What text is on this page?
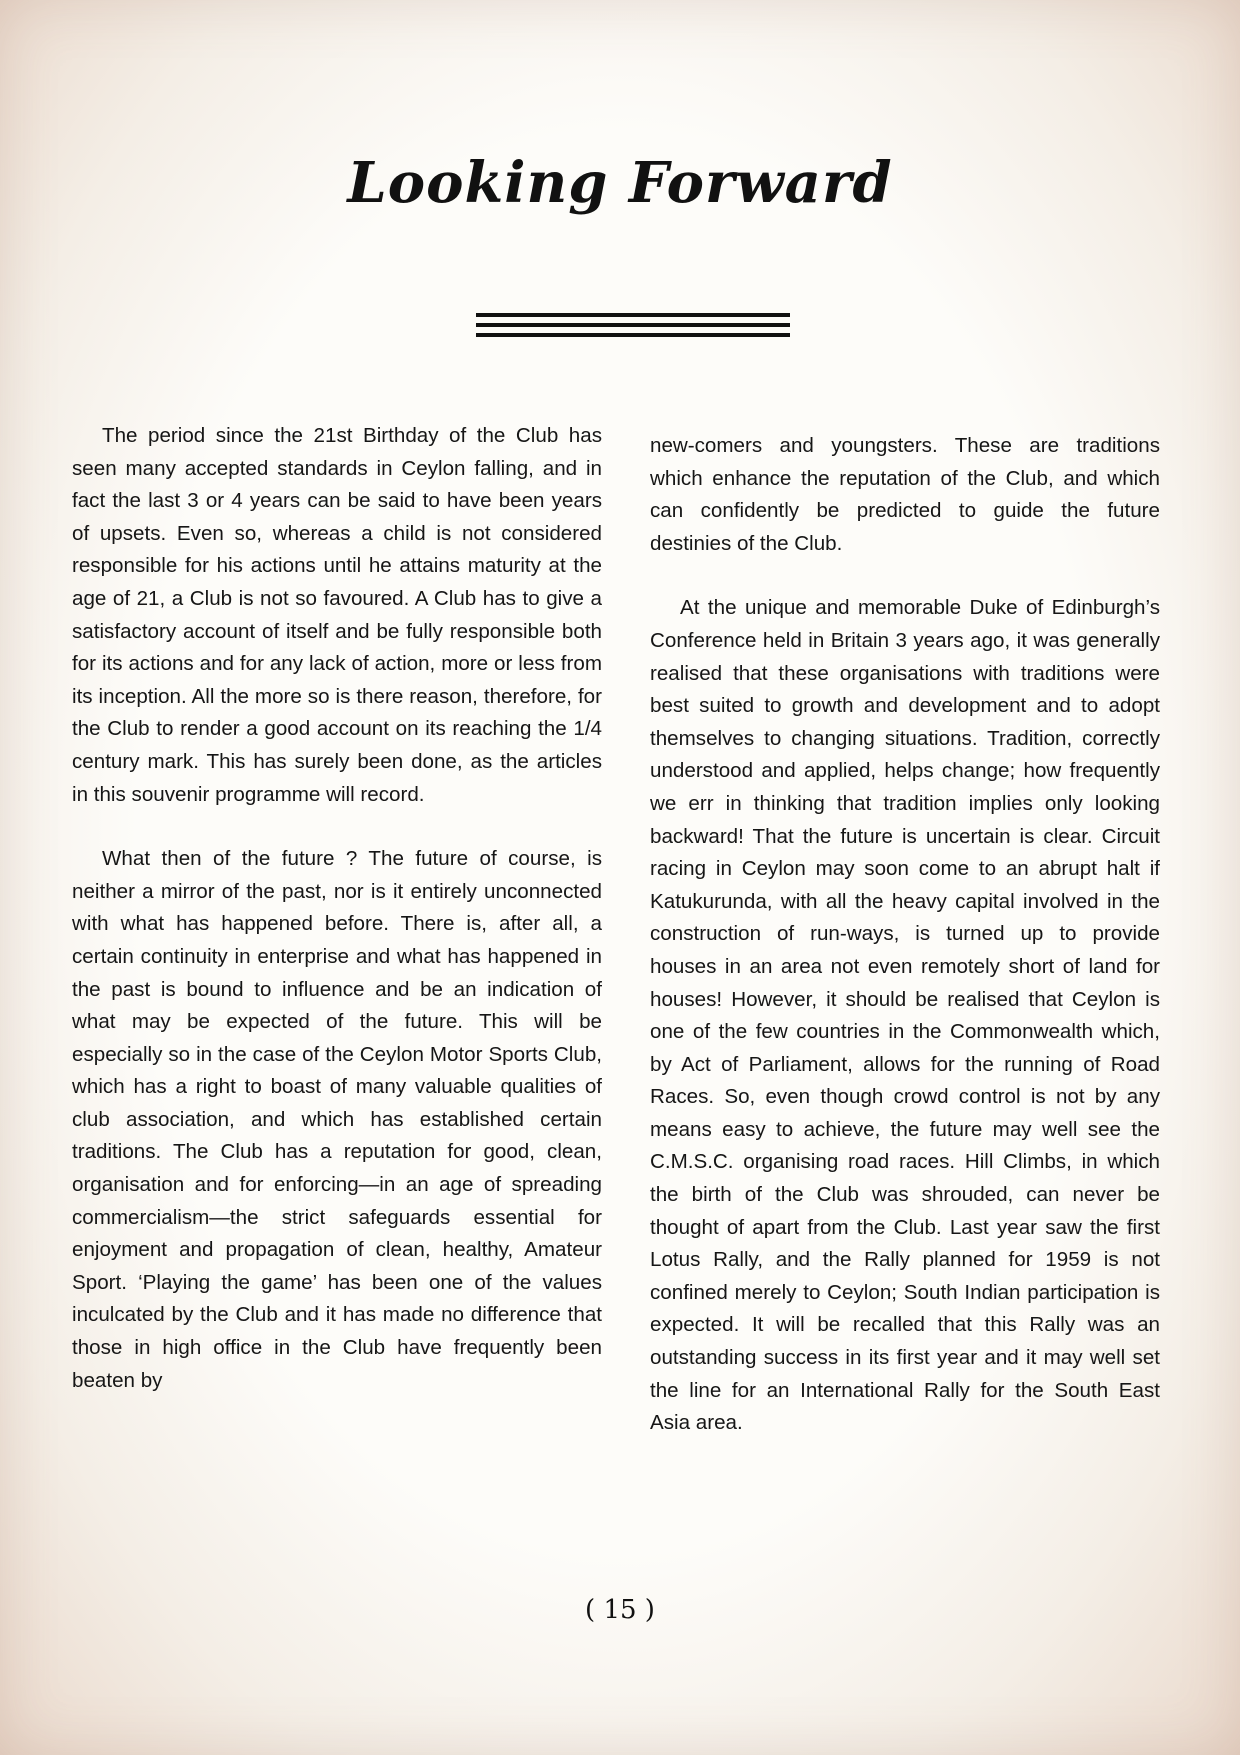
Looking Forward

The period since the 21st Birthday of the Club has seen many accepted standards in Ceylon falling, and in fact the last 3 or 4 years can be said to have been years of upsets. Even so, whereas a child is not considered responsible for his actions until he attains maturity at the age of 21, a Club is not so favoured. A Club has to give a satisfactory account of itself and be fully responsible both for its actions and for any lack of action, more or less from its inception. All the more so is there reason, therefore, for the Club to render a good account on its reaching the 1/4 century mark. This has surely been done, as the articles in this souvenir programme will record.

What then of the future ? The future of course, is neither a mirror of the past, nor is it entirely unconnected with what has happened before. There is, after all, a certain continuity in enterprise and what has happened in the past is bound to influence and be an indication of what may be expected of the future. This will be especially so in the case of the Ceylon Motor Sports Club, which has a right to boast of many valuable qualities of club association, and which has established certain traditions. The Club has a reputation for good, clean, organisation and for enforcing—in an age of spreading commercialism—the strict safeguards essential for enjoyment and propagation of clean, healthy, Amateur Sport. ‘Playing the game’ has been one of the values inculcated by the Club and it has made no difference that those in high office in the Club have frequently been beaten by

new-comers and youngsters. These are traditions which enhance the reputation of the Club, and which can confidently be predicted to guide the future destinies of the Club.

At the unique and memorable Duke of Edinburgh’s Conference held in Britain 3 years ago, it was generally realised that these organisations with traditions were best suited to growth and development and to adopt themselves to changing situations. Tradition, correctly understood and applied, helps change; how frequently we err in thinking that tradition implies only looking backward! That the future is uncertain is clear. Circuit racing in Ceylon may soon come to an abrupt halt if Katukurunda, with all the heavy capital involved in the construction of run-ways, is turned up to provide houses in an area not even remotely short of land for houses! However, it should be realised that Ceylon is one of the few countries in the Commonwealth which, by Act of Parliament, allows for the running of Road Races. So, even though crowd control is not by any means easy to achieve, the future may well see the C.M.S.C. organising road races. Hill Climbs, in which the birth of the Club was shrouded, can never be thought of apart from the Club. Last year saw the first Lotus Rally, and the Rally planned for 1959 is not confined merely to Ceylon; South Indian participation is expected. It will be recalled that this Rally was an outstanding success in its first year and it may well set the line for an International Rally for the South East Asia area.

( 15 )
